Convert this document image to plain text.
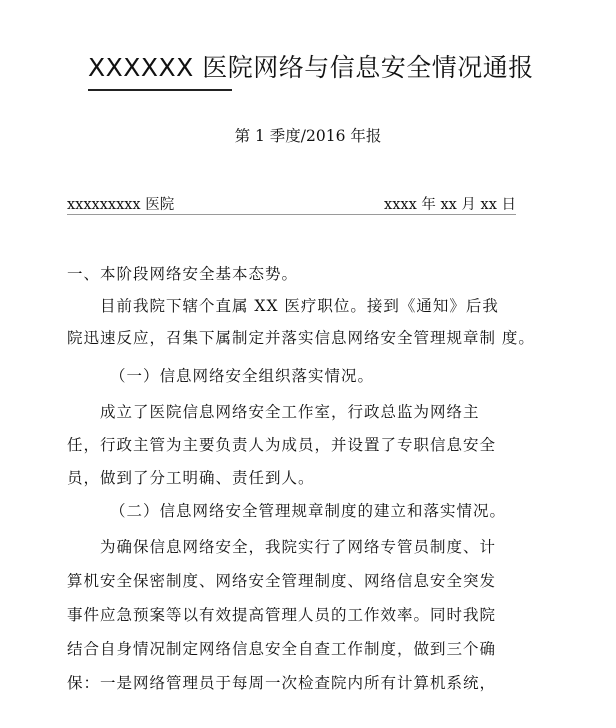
XXXXXX 医院网络与信息安全情况通报
第 1 季度/2016 年报
xxxxxxxxx 医院	xxxx 年 xx 月 xx 日
一、本阶段网络安全基本态势。
目前我院下辖个直属 XX 医疗职位。接到《通知》后我
院迅速反应，召集下属制定并落实信息网络安全管理规章制 度。
（一）信息网络安全组织落实情况。
成立了医院信息网络安全工作室，行政总监为网络主
任，行政主管为主要负责人为成员，并设置了专职信息安全
员，做到了分工明确、责任到人。
（二）信息网络安全管理规章制度的建立和落实情况。
为确保信息网络安全，我院实行了网络专管员制度、计
算机安全保密制度、网络安全管理制度、网络信息安全突发
事件应急预案等以有效提高管理人员的工作效率。同时我院
结合自身情况制定网络信息安全自查工作制度，做到三个确
保：一是网络管理员于每周一次检查院内所有计算机系统，
